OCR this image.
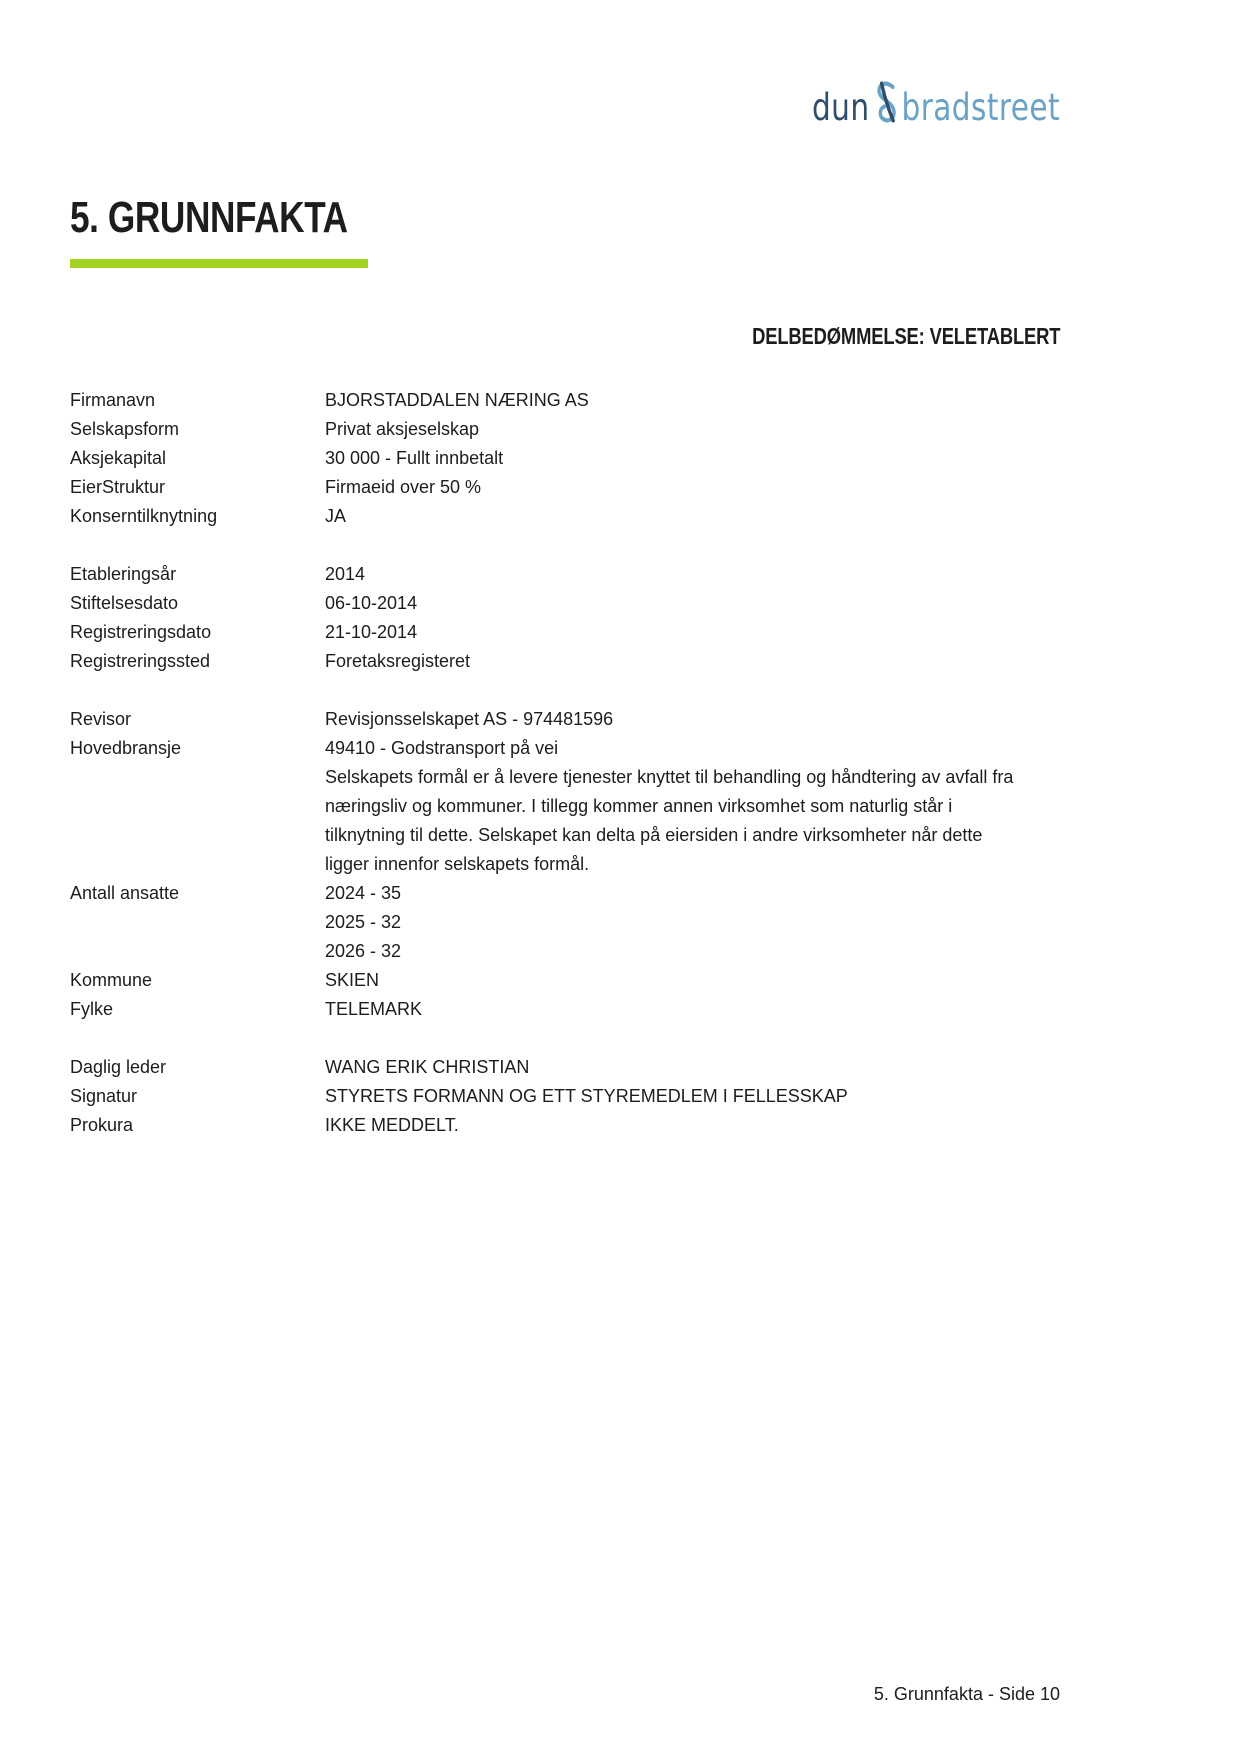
dun bradstreet
5. GRUNNFAKTA
DELBEDØMMELSE: VELETABLERT
Firmanavn	BJORSTADDALEN NÆRING AS
Selskapsform	Privat aksjeselskap
Aksjekapital	30 000 - Fullt innbetalt
EierStruktur	Firmaeid over 50 %
Konserntilknytning	JA
Etableringsår	2014
Stiftelsesdato	06-10-2014
Registreringsdato	21-10-2014
Registreringssted	Foretaksregisteret
Revisor	Revisjonsselskapet AS - 974481596
Hovedbransje	49410 - Godstransport på vei
Selskapets formål er å levere tjenester knyttet til behandling og håndtering av avfall fra
næringsliv og kommuner. I tillegg kommer annen virksomhet som naturlig står i
tilknytning til dette. Selskapet kan delta på eiersiden i andre virksomheter når dette
ligger innenfor selskapets formål.
Antall ansatte	2024 - 35
2025 - 32
2026 - 32
Kommune	SKIEN
Fylke	TELEMARK
Daglig leder	WANG ERIK CHRISTIAN
Signatur	STYRETS FORMANN OG ETT STYREMEDLEM I FELLESSKAP
Prokura	IKKE MEDDELT.
5. Grunnfakta - Side 10
